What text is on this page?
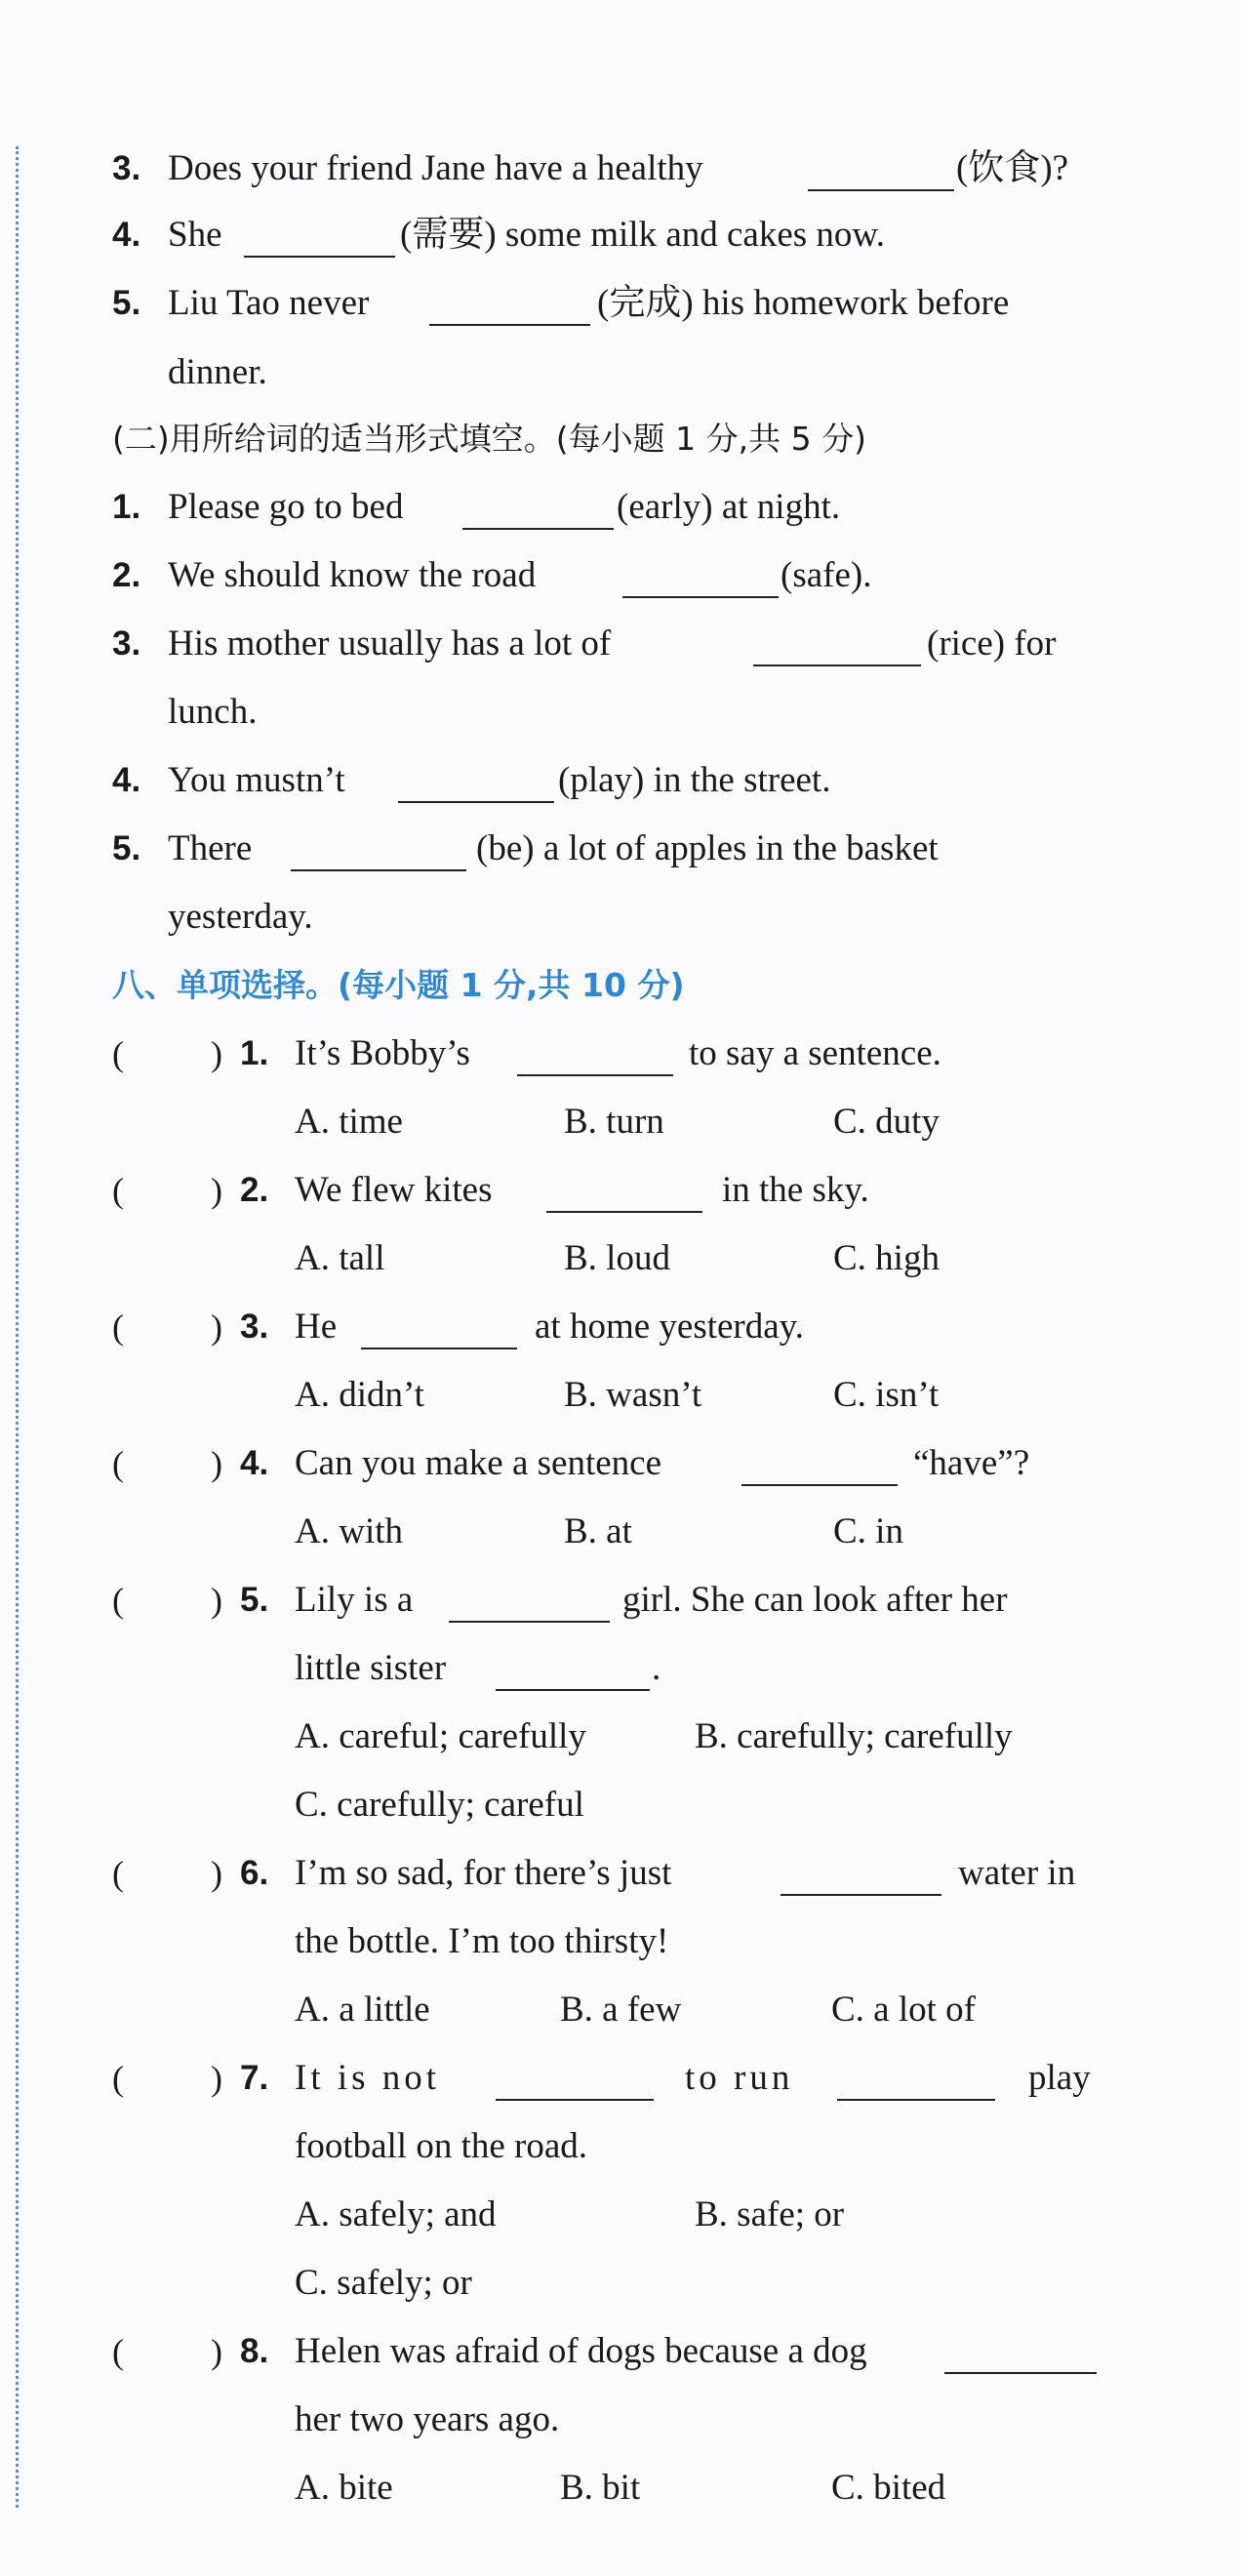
3. Does your friend Jane have a healthy	(饮食)?
4. She	(需要) some milk and cakes now.
5. Liu Tao never	(完成) his homework before
dinner.
(二)用所给词的适当形式填空。(每小题 1 分,共 5 分)
1. Please go to bed	(early) at night.
2. We should know the road	(safe).
3. His mother usually has a lot of	(rice) for
lunch.
4. You mustn’t	(play) in the street.
5. There	(be) a lot of apples in the basket
yesterday.
八、单项选择。(每小题 1 分,共 10 分)
( ) 1. It’s Bobby’s	to say a sentence.
A. time	B. turn	C. duty
( ) 2. We flew kites	in the sky.
A. tall	B. loud	C. high
( ) 3. He	at home yesterday.
A. didn’t	B. wasn’t	C. isn’t
( ) 4. Can you make a sentence	“have”?
A. with	B. at	C. in
( ) 5. Lily is a	girl. She can look after her
little sister	.
A. careful; carefully	B. carefully; carefully
C. carefully; careful
( ) 6. I’m so sad, for there’s just	water in
the bottle. I’m too thirsty!
A. a little	B. a few	C. a lot of
( ) 7. It is not	to run	play
football on the road.
A. safely; and	B. safe; or
C. safely; or
( ) 8. Helen was afraid of dogs because a dog
her two years ago.
A. bite	B. bit	C. bited
